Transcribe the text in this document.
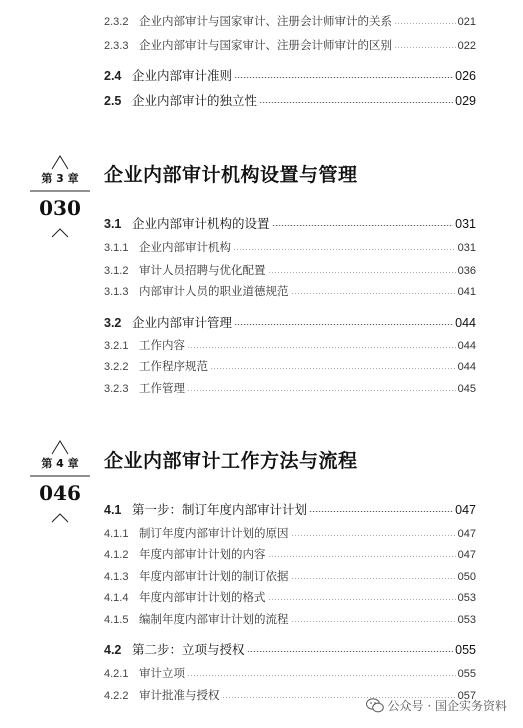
2.3.2 企业内部审计与国家审计、注册会计师审计的关系	021
2.3.3 企业内部审计与国家审计、注册会计师审计的区别	022
2.4 企业内部审计准则	026
2.5 企业内部审计的独立性	029
第 3 章
030
企业内部审计机构设置与管理
3.1 企业内部审计机构的设置	031
3.1.1 企业内部审计机构	031
3.1.2 审计人员招聘与优化配置	036
3.1.3 内部审计人员的职业道德规范	041
3.2 企业内部审计管理	044
3.2.1 工作内容	044
3.2.2 工作程序规范	044
3.2.3 工作管理	045
第 4 章
046
企业内部审计工作方法与流程
4.1 第一步：制订年度内部审计计划	047
4.1.1 制订年度内部审计计划的原因	047
4.1.2 年度内部审计计划的内容	047
4.1.3 年度内部审计计划的制订依据	050
4.1.4 年度内部审计计划的格式	053
4.1.5 编制年度内部审计计划的流程	053
4.2 第二步：立项与授权	055
4.2.1 审计立项	055
4.2.2 审计批准与授权	057
公众号 · 国企实务资料
